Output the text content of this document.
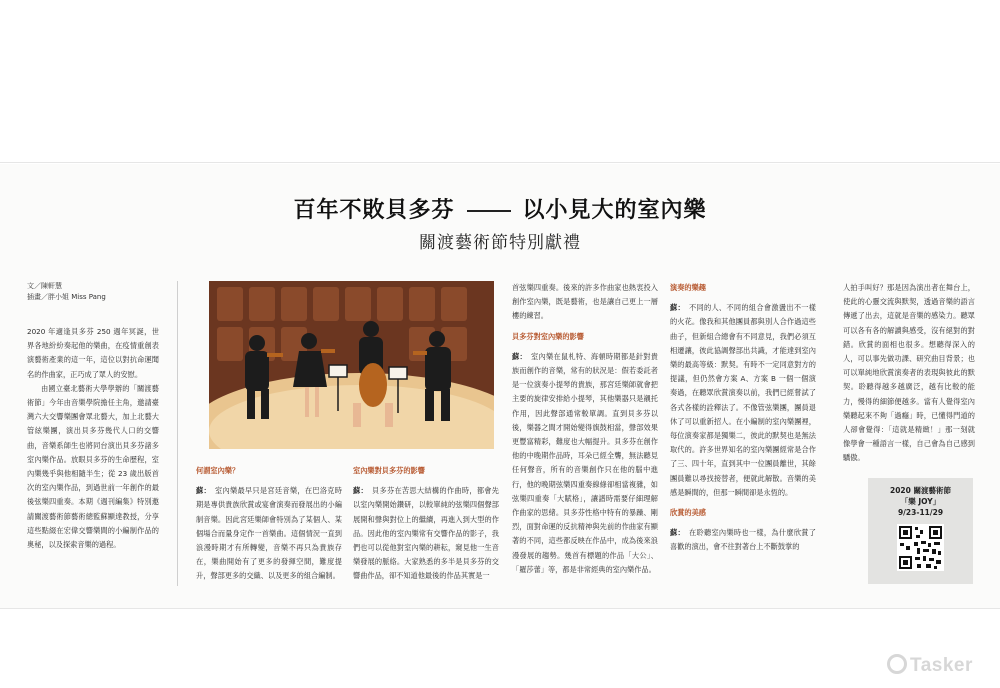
百年不敗貝多芬	以小見大的室內樂
關渡藝術節特別獻禮
文／陳軒慧
插畫／胖小姐 Miss Pang

2020 年適逢貝多芬 250 週年冥誕，世界各地紛紛奏起他的樂曲，在疫情重創表演藝術產業的這一年，這位以對抗命運聞名的作曲家，正巧成了眾人的安慰。

由國立臺北藝術大學學辦的「關渡藝術節」今年由音樂學院擔任主角，邀請臺灣六大交響樂團會眾北藝大，加上北藝大管絃樂團，演出貝多芬幾代人口的交響曲，音樂系師生也將同台演出貝多芬諸多室內樂作品。放眼貝多芬的生命歷程，室內樂幾乎與他相隨半生；從 23 歲出版首次的室內樂作品，到過世前一年創作的最後弦樂四重奏。本期《週刊編集》特別邀請關渡藝術節藝術總監蘇顯達教授，分享這些點綴在宏偉交響樂間的小編制作品的奧秘，以及探索音樂的過程。

何謂室內樂？

蘇： 室內樂最早只是宮廷音樂，在巴洛克時期是專供貴族欣賞或宴會演奏而發展出的小編制音樂。因此宮廷樂師會特別為了某個人、某個場合而量身定作一首樂曲。這個情況一直到浪漫時期才有所轉變，音樂不再只為貴族存在，樂曲開始有了更多的發揮空間，難度提升，聲部更多的交織、以及更多的組合編制。

室內樂對貝多芬的影響

蘇： 貝多芬在苦思大結構的作曲時，都會先以室內樂開始鑽研，以較單純的弦樂四個聲部展開和聲與對位上的繼續，再進入到大型的作品。因此他的室內樂常有交響作品的影子，我們也可以從他對室內樂的耕耘，窺見他一生音樂發展的脈絡。大家熟悉的多半是貝多芬的交響曲作品，卻不知道他最後的作品其實是一

首弦樂四重奏。後來的許多作曲家也熱衷投入創作室內樂，既是藝術，也是讓自己更上一層樓的練習。

貝多芬對室內樂的影響

蘇： 室內樂在鼠札特、海頓時期都是針對貴族而創作的音樂，常有的狀況是：假若委託者是一位演奏小提琴的貴族，那宮廷樂師就會把主要的旋律安排給小提琴，其他樂器只是襯托作用，因此聲部通常較單調。直到貝多芬以後，樂器之間才開始變得旗鼓相當，聲部效果更豐富精彩，難度也大幅提升。貝多芬在創作他的中晚期作品時，耳朵已經全聾，無法聽見任何聲音，所有的音樂創作只在他的腦中進行，他的晚期弦樂四重奏線條卻相當複雜，如弦樂四重奏「大賦格」，讓譜時需要仔細理解作曲家的思緒。貝多芬性格中特有的暴躁、剛烈，面對命運的反抗精神與先前的作曲家有顯著的不同，這些都反映在作品中，成為後來浪漫發展的趨勢。幾首有標題的作品「大公」、「羅莎蕾」等，都是非常經典的室內樂作品。

演奏的樂趣

蘇： 不同的人、不同的組合會激盪出不一樣的火花。像我和其他團員都與別人合作過這些曲子，但新組合總會有不同意見，我們必須互相遷讓，彼此協調聲部出共識，才能達到室內樂的最高等級：默契。有時不一定同意對方的提議，但仍然會方案 A、方案 B 一個一個演奏過，在聽眾欣賞演奏以前，我們已經嘗試了各式各樣的詮釋法了。不像管弦樂團，團員退休了可以重新招人。在小編制的室內樂團裡，每位演奏家都是獨樂二，彼此的默契也是無法取代的。許多世界知名的室內樂團經常是合作了三、四十年，直到其中一位團員離世，其餘團員難以尋找接替者，便就此解散。音樂的美感是瞬間的，但那一瞬間卻是永恆的。

欣賞的美感

蘇： 在聆聽室內樂時也一樣，為什麼欣賞了喜歡的演出，會不往對著台上不斷鼓掌的

人拍手叫好？那是因為演出者在舞台上，使此的心靈交流與默契，透過音樂的語言傳遞了出去，這就是音樂的感染力。聽眾可以各有各的解讀與感受，沒有絕對的對錯。欣賞的面相也很多。想聽得深入的人，可以事先做功課、研究曲目背景；也可以單純地欣賞演奏者的表現與彼此的默契。聆聽得越多越廣泛，越有比較的能力，慢得的細節便越多。當有人覺得室內樂聽起來不夠「過癮」時，已懂得門道的人卻會覺得：「這就是精緻！」那一刻就像學會一種語言一樣，自己會為自己感到驕傲。

2020 關渡藝術節
「樂 JOY」
9/23-11/29
Tasker
